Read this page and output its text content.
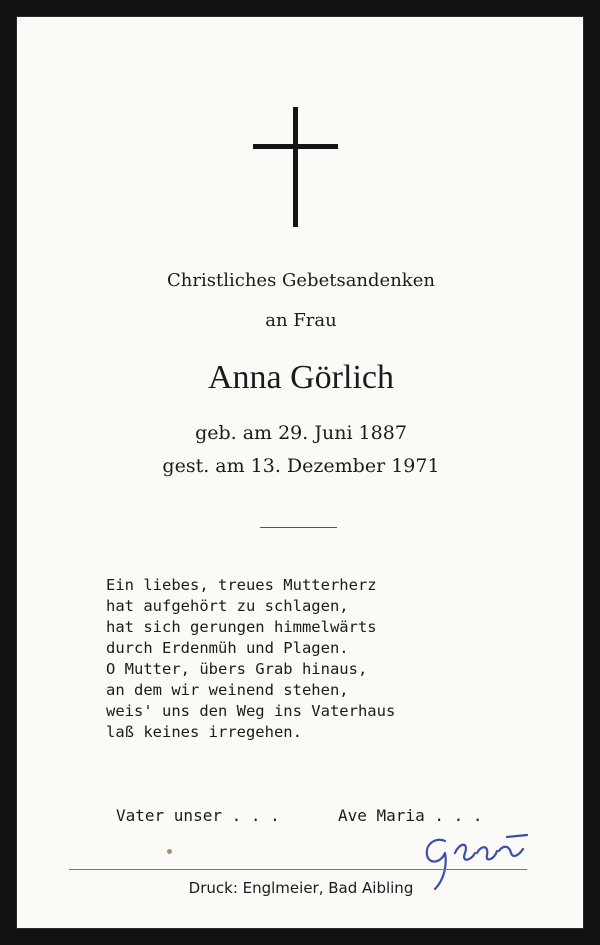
Christliches Gebetsandenken
an Frau
Anna Görlich
geb. am 29. Juni 1887
gest. am 13. Dezember 1971
Ein liebes, treues Mutterherz
hat aufgehört zu schlagen,
hat sich gerungen himmelwärts
durch Erdenmüh und Plagen.
O Mutter, übers Grab hinaus,
an dem wir weinend stehen,
weis' uns den Weg ins Vaterhaus
laß keines irregehen.
Vater unser . . .	Ave Maria . . .
Druck: Englmeier, Bad Aibling
